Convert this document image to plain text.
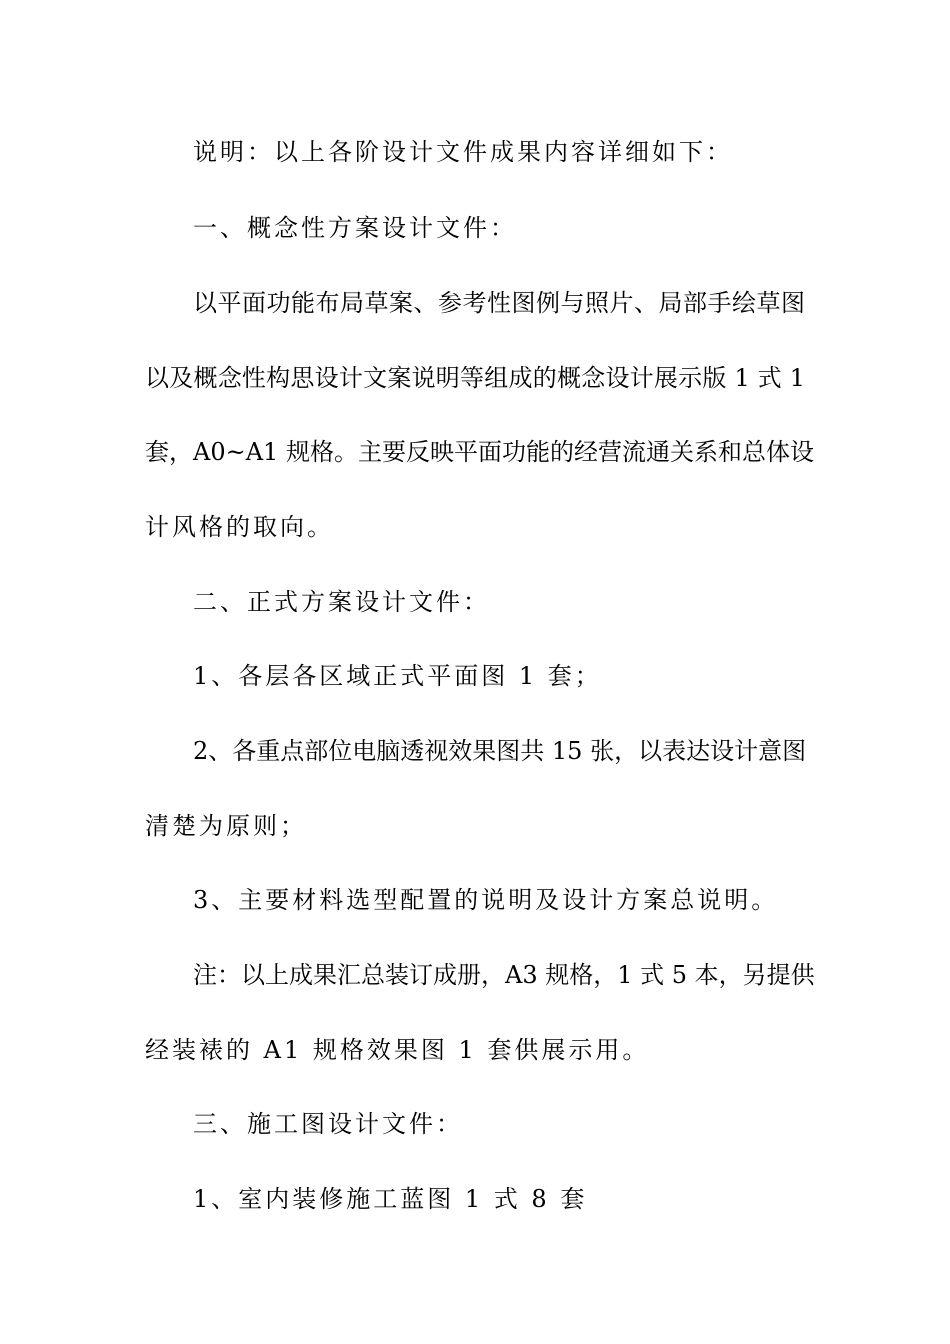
说明：以上各阶设计文件成果内容详细如下：
一、概念性方案设计文件：
以平面功能布局草案、参考性图例与照片、局部手绘草图
以及概念性构思设计文案说明等组成的概念设计展示版 1 式 1
套，A0~A1 规格。主要反映平面功能的经营流通关系和总体设
计风格的取向。
二、正式方案设计文件：
1、各层各区域正式平面图 1 套；
2、各重点部位电脑透视效果图共 15 张，以表达设计意图
清楚为原则；
3、主要材料选型配置的说明及设计方案总说明。
注：以上成果汇总装订成册，A3 规格，1 式 5 本，另提供
经装裱的 A1 规格效果图 1 套供展示用。
三、施工图设计文件：
1、室内装修施工蓝图 1 式 8 套
